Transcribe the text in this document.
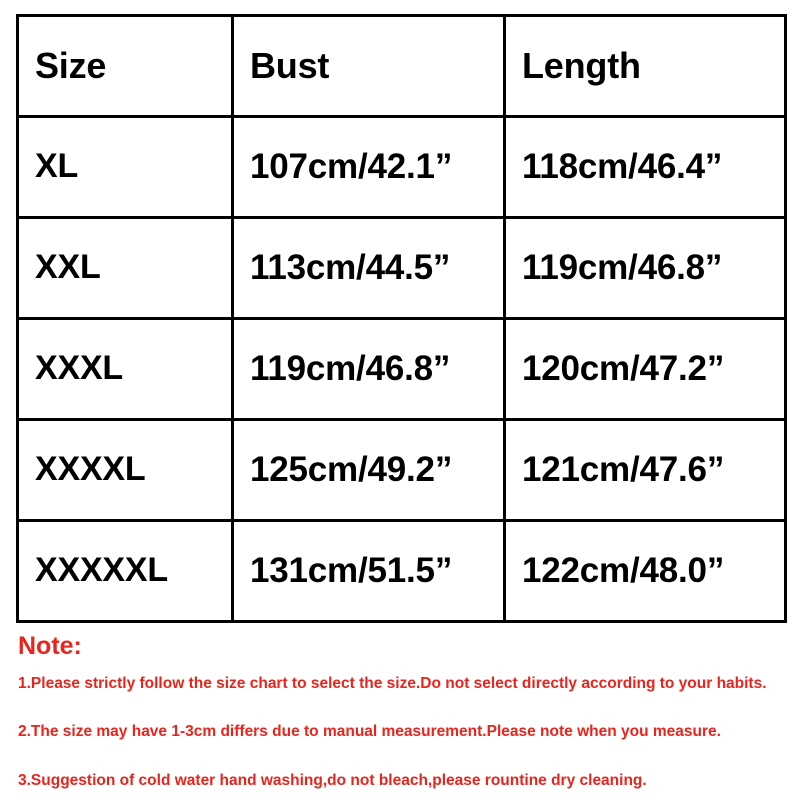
Size	Bust	Length
XL	107cm/42.1”	118cm/46.4”
XXL	113cm/44.5”	119cm/46.8”
XXXL	119cm/46.8”	120cm/47.2”
XXXXL	125cm/49.2”	121cm/47.6”
XXXXXL	131cm/51.5”	122cm/48.0”
Note:

1.Please strictly follow the size chart to select the size.Do not select directly according to your habits.

2.The size may have 1-3cm differs due to manual measurement.Please note when you measure.

3.Suggestion of cold water hand washing,do not bleach,please rountine dry cleaning.
